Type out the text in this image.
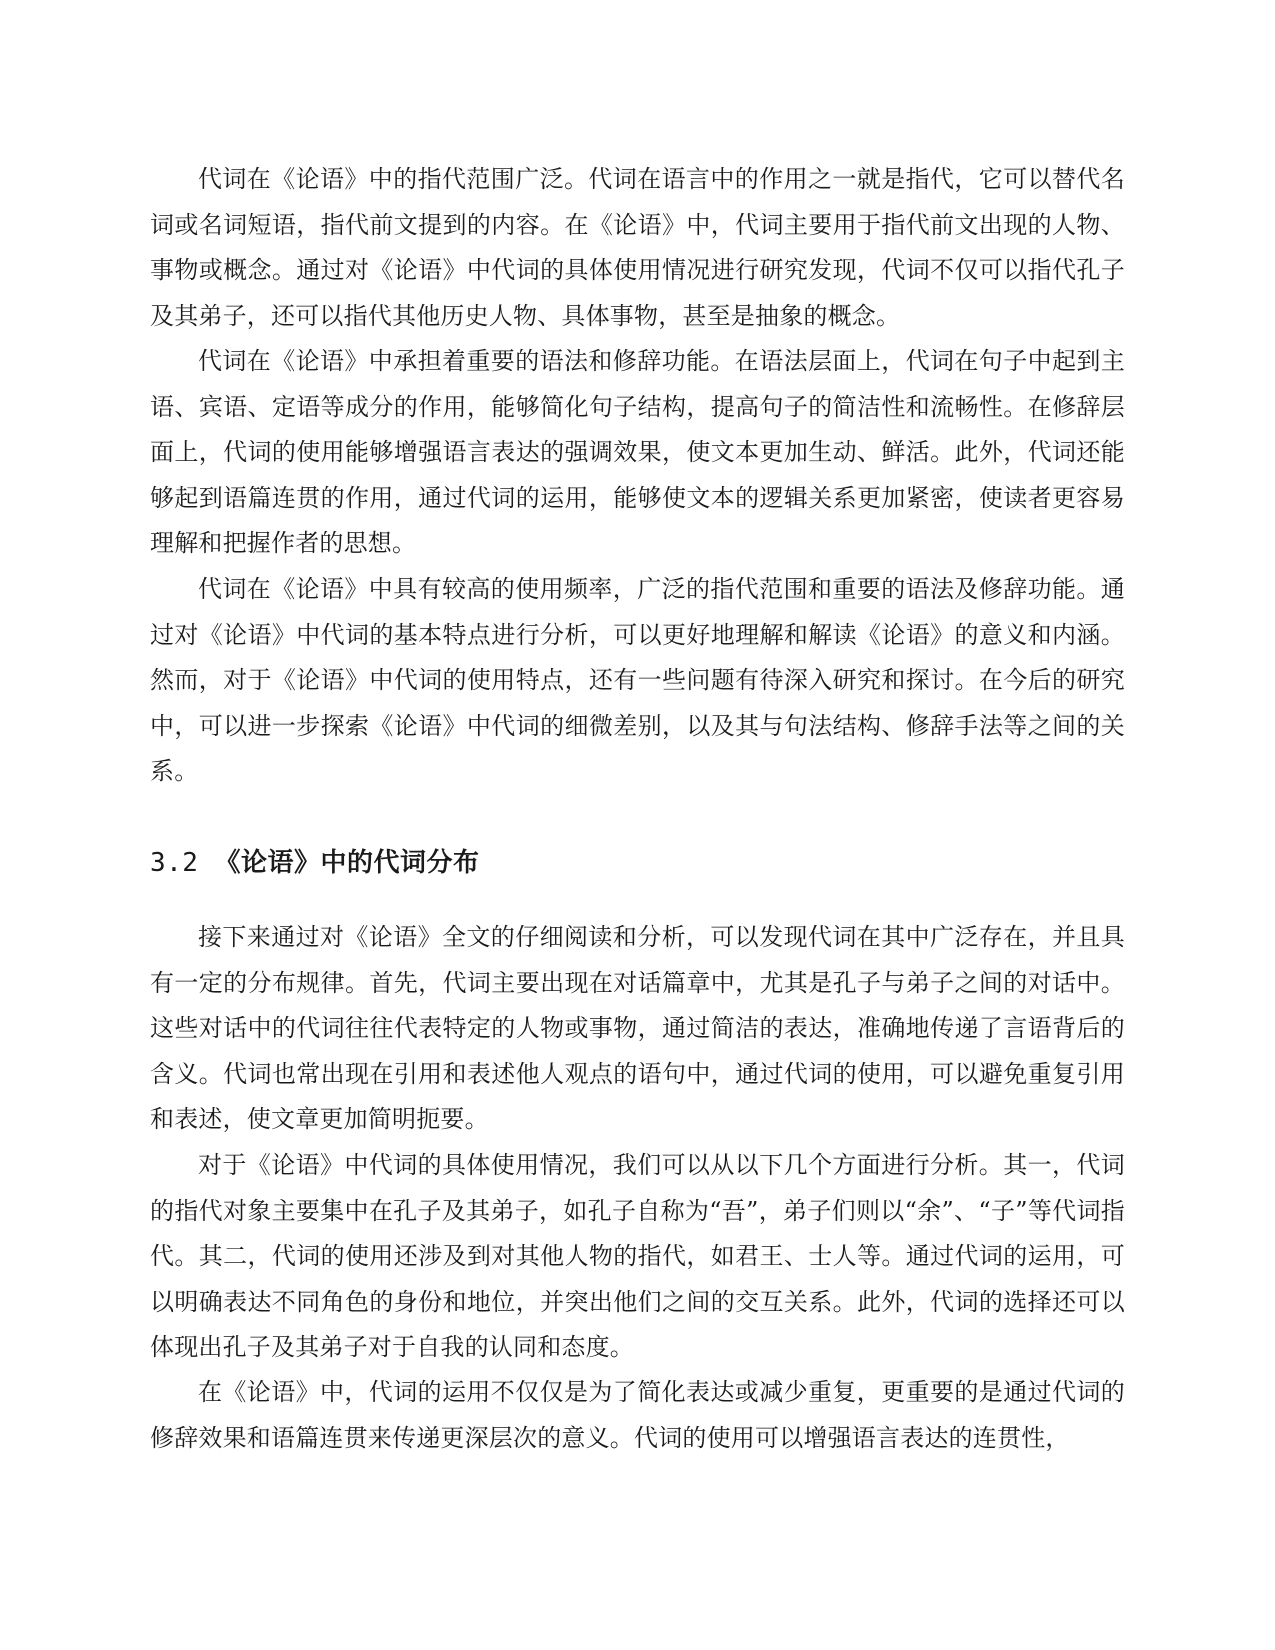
代词在《论语》中的指代范围广泛。代词在语言中的作用之一就是指代，它可以替代名词或名词短语，指代前文提到的内容。在《论语》中，代词主要用于指代前文出现的人物、事物或概念。通过对《论语》中代词的具体使用情况进行研究发现，代词不仅可以指代孔子及其弟子，还可以指代其他历史人物、具体事物，甚至是抽象的概念。

代词在《论语》中承担着重要的语法和修辞功能。在语法层面上，代词在句子中起到主语、宾语、定语等成分的作用，能够简化句子结构，提高句子的简洁性和流畅性。在修辞层面上，代词的使用能够增强语言表达的强调效果，使文本更加生动、鲜活。此外，代词还能够起到语篇连贯的作用，通过代词的运用，能够使文本的逻辑关系更加紧密，使读者更容易理解和把握作者的思想。

代词在《论语》中具有较高的使用频率，广泛的指代范围和重要的语法及修辞功能。通过对《论语》中代词的基本特点进行分析，可以更好地理解和解读《论语》的意义和内涵。然而，对于《论语》中代词的使用特点，还有一些问题有待深入研究和探讨。在今后的研究中，可以进一步探索《论语》中代词的细微差别，以及其与句法结构、修辞手法等之间的关系。

3.2 《论语》中的代词分布

接下来通过对《论语》全文的仔细阅读和分析，可以发现代词在其中广泛存在，并且具有一定的分布规律。首先，代词主要出现在对话篇章中，尤其是孔子与弟子之间的对话中。这些对话中的代词往往代表特定的人物或事物，通过简洁的表达，准确地传递了言语背后的含义。代词也常出现在引用和表述他人观点的语句中，通过代词的使用，可以避免重复引用和表述，使文章更加简明扼要。

对于《论语》中代词的具体使用情况，我们可以从以下几个方面进行分析。其一，代词的指代对象主要集中在孔子及其弟子，如孔子自称为“吾”，弟子们则以“余”、“子”等代词指代。其二，代词的使用还涉及到对其他人物的指代，如君王、士人等。通过代词的运用，可以明确表达不同角色的身份和地位，并突出他们之间的交互关系。此外，代词的选择还可以体现出孔子及其弟子对于自我的认同和态度。

在《论语》中，代词的运用不仅仅是为了简化表达或减少重复，更重要的是通过代词的修辞效果和语篇连贯来传递更深层次的意义。代词的使用可以增强语言表达的连贯性，
